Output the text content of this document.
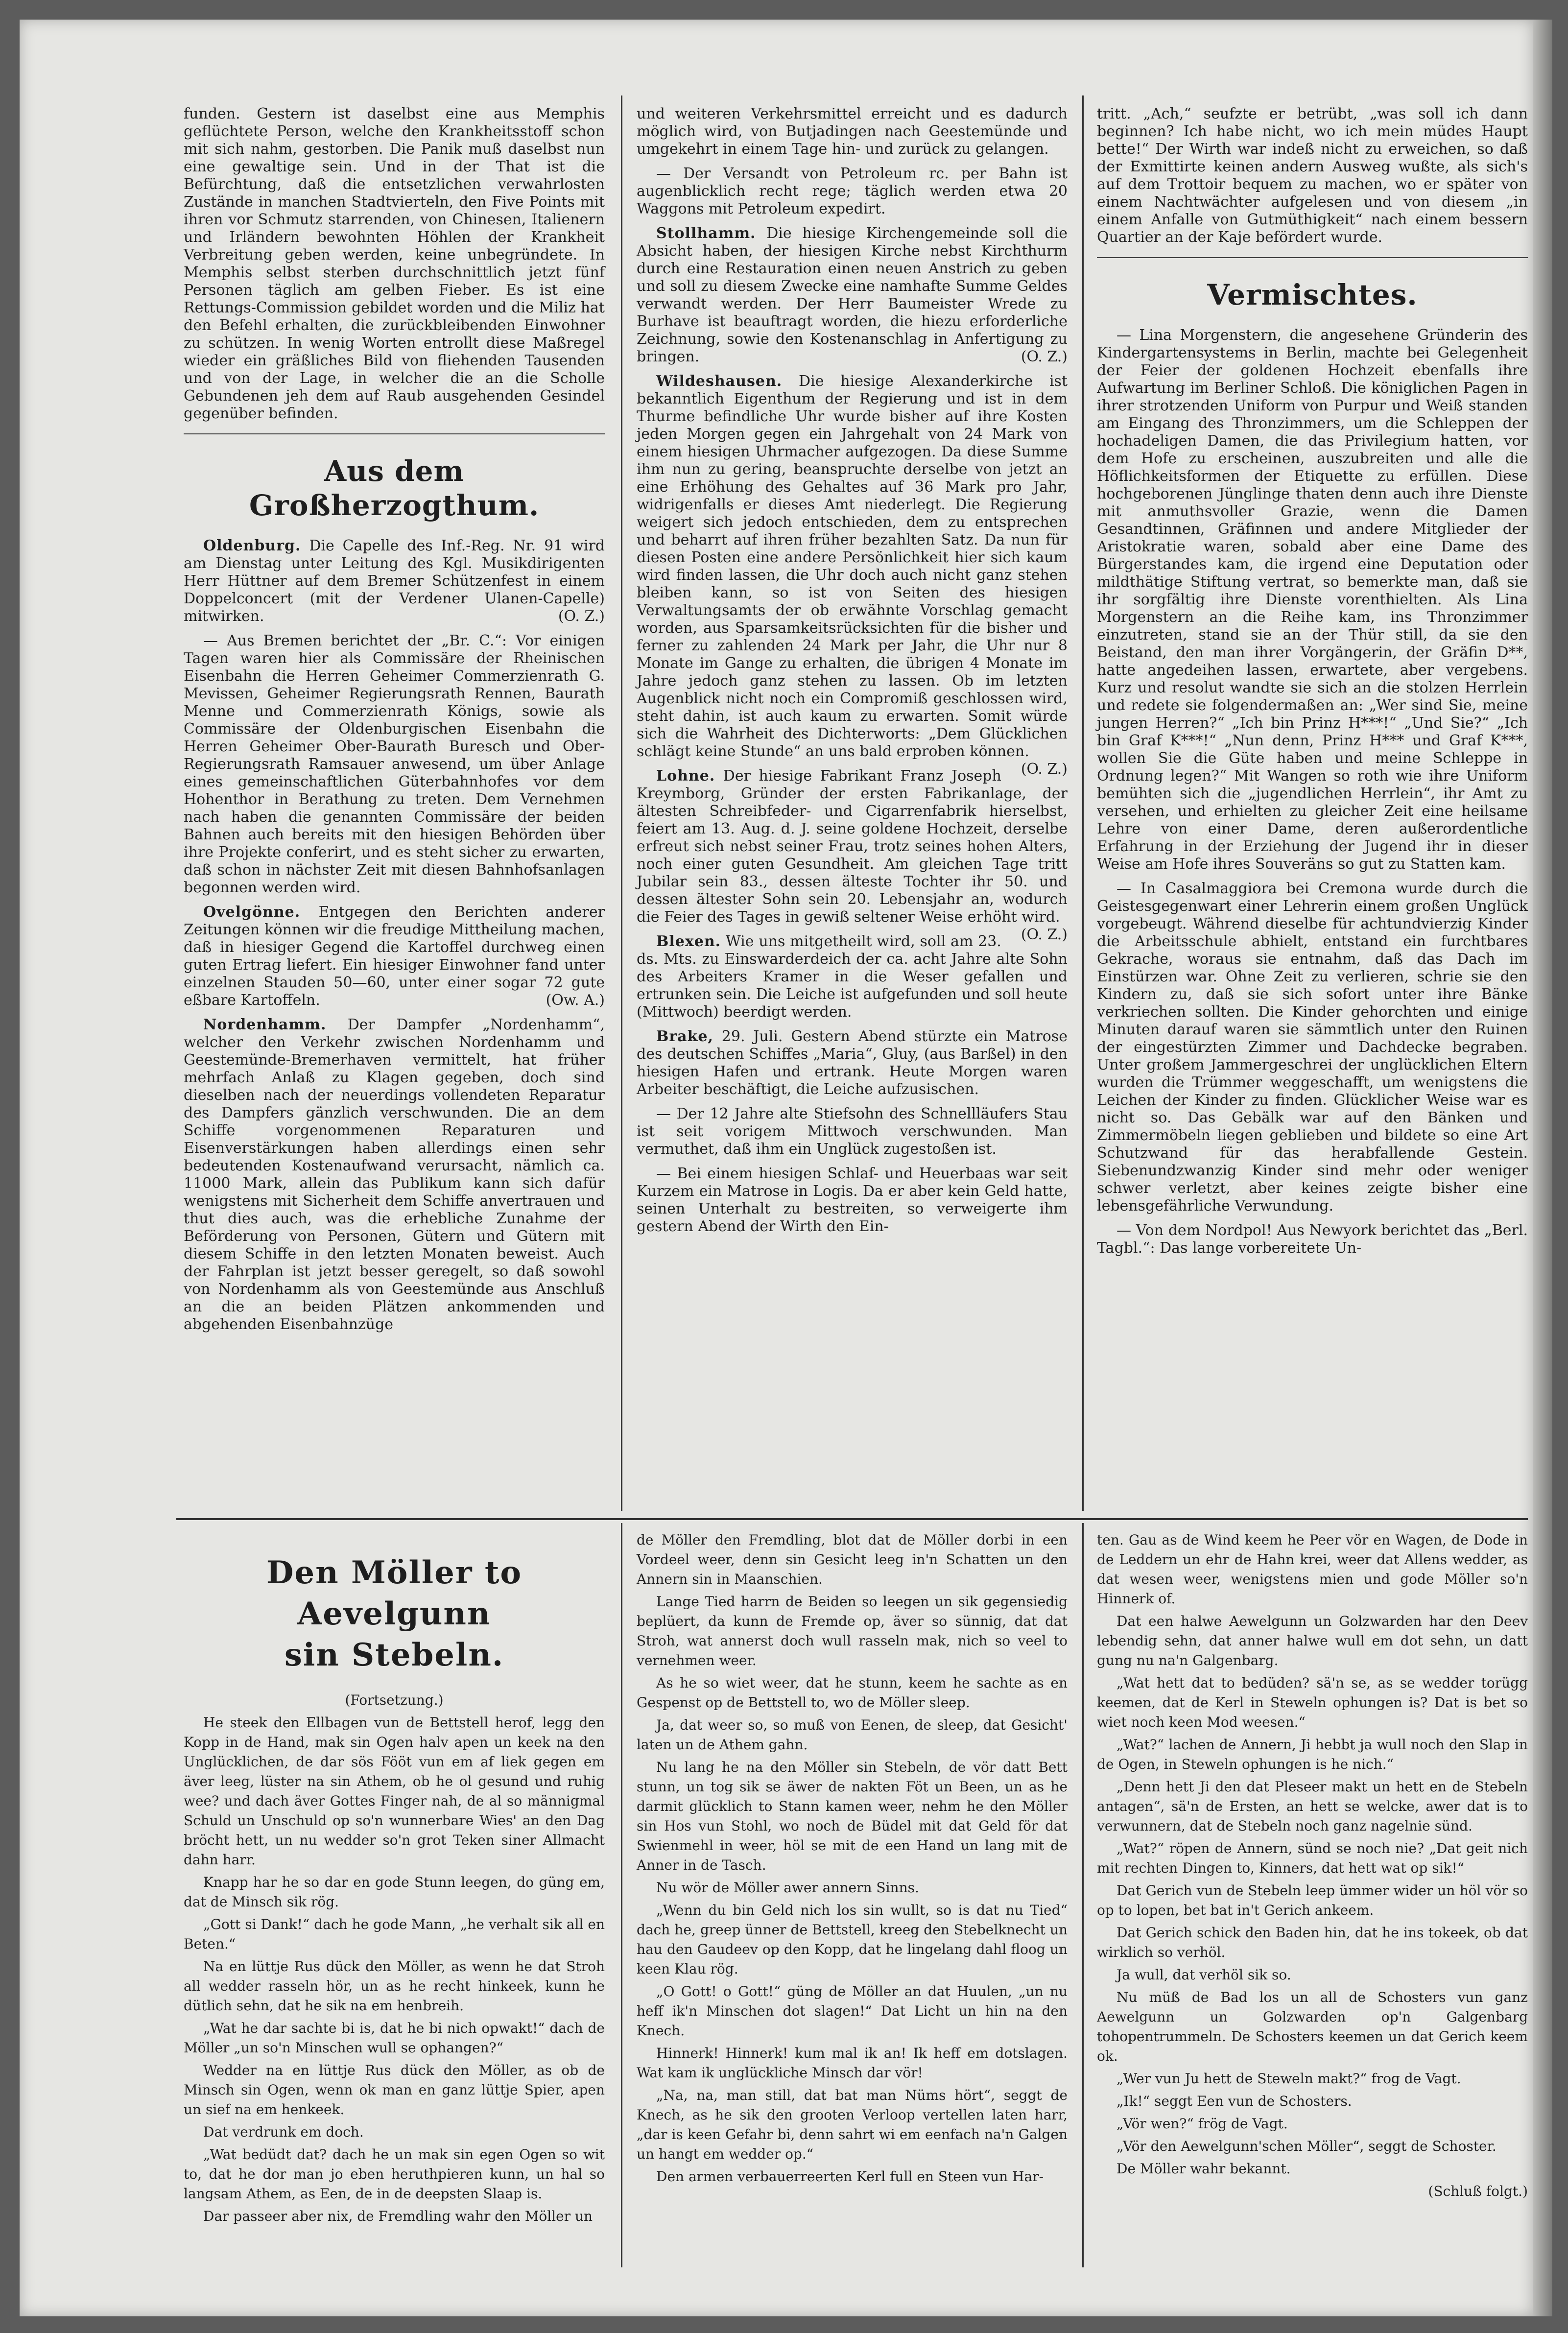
funden. Gestern ist daselbst eine aus Memphis geflüchtete Person, welche den Krankheitsstoff schon mit sich nahm, gestorben. Die Panik muß daselbst nun eine gewaltige sein. Und in der That ist die Befürchtung, daß die entsetzlichen verwahrlosten Zustände in manchen Stadtvierteln, den Five Points mit ihren vor Schmutz starrenden, von Chinesen, Italienern und Irländern bewohnten Höhlen der Krankheit Verbreitung geben werden, keine unbegründete. In Memphis selbst sterben durchschnittlich jetzt fünf Personen täglich am gelben Fieber. Es ist eine Rettungs-Commission gebildet worden und die Miliz hat den Befehl erhalten, die zurückbleibenden Einwohner zu schützen. In wenig Worten entrollt diese Maßregel wieder ein gräßliches Bild von fliehenden Tausenden und von der Lage, in welcher die an die Scholle Gebundenen jeh dem auf Raub ausgehenden Gesindel gegenüber befinden.

Aus dem Großherzogthum.

Oldenburg. Die Capelle des Inf.-Reg. Nr. 91 wird am Dienstag unter Leitung des Kgl. Musikdirigenten Herr Hüttner auf dem Bremer Schützenfest in einem Doppelconcert (mit der Verdener Ulanen-Capelle) mitwirken.	(O. Z.)

— Aus Bremen berichtet der „Br. C.“: Vor einigen Tagen waren hier als Commissäre der Rheinischen Eisenbahn die Herren Geheimer Commerzienrath G. Mevissen, Geheimer Regierungsrath Rennen, Baurath Menne und Commerzienrath Königs, sowie als Commissäre der Oldenburgischen Eisenbahn die Herren Geheimer Ober-Baurath Buresch und Ober-Regierungsrath Ramsauer anwesend, um über Anlage eines gemeinschaftlichen Güterbahnhofes vor dem Hohenthor in Berathung zu treten. Dem Vernehmen nach haben die genannten Commissäre der beiden Bahnen auch bereits mit den hiesigen Behörden über ihre Projekte conferirt, und es steht sicher zu erwarten, daß schon in nächster Zeit mit diesen Bahnhofsanlagen begonnen werden wird.

Ovelgönne. Entgegen den Berichten anderer Zeitungen können wir die freudige Mittheilung machen, daß in hiesiger Gegend die Kartoffel durchweg einen guten Ertrag liefert. Ein hiesiger Einwohner fand unter einzelnen Stauden 50—60, unter einer sogar 72 gute eßbare Kartoffeln.	(Ow. A.)

Nordenhamm. Der Dampfer „Nordenhamm“, welcher den Verkehr zwischen Nordenhamm und Geestemünde-Bremerhaven vermittelt, hat früher mehrfach Anlaß zu Klagen gegeben, doch sind dieselben nach der neuerdings vollendeten Reparatur des Dampfers gänzlich verschwunden. Die an dem Schiffe vorgenommenen Reparaturen und Eisenverstärkungen haben allerdings einen sehr bedeutenden Kostenaufwand verursacht, nämlich ca. 11000 Mark, allein das Publikum kann sich dafür wenigstens mit Sicherheit dem Schiffe anvertrauen und thut dies auch, was die erhebliche Zunahme der Beförderung von Personen, Gütern und Gütern mit diesem Schiffe in den letzten Monaten beweist. Auch der Fahrplan ist jetzt besser geregelt, so daß sowohl von Nordenhamm als von Geestemünde aus Anschluß an die an beiden Plätzen ankommenden und abgehenden Eisenbahnzüge

und weiteren Verkehrsmittel erreicht und es dadurch möglich wird, von Butjadingen nach Geestemünde und umgekehrt in einem Tage hin- und zurück zu gelangen.

— Der Versandt von Petroleum rc. per Bahn ist augenblicklich recht rege; täglich werden etwa 20 Waggons mit Petroleum expedirt.

Stollhamm. Die hiesige Kirchengemeinde soll die Absicht haben, der hiesigen Kirche nebst Kirchthurm durch eine Restauration einen neuen Anstrich zu geben und soll zu diesem Zwecke eine namhafte Summe Geldes verwandt werden. Der Herr Baumeister Wrede zu Burhave ist beauftragt worden, die hiezu erforderliche Zeichnung, sowie den Kostenanschlag in Anfertigung zu bringen.	(O. Z.)

Wildeshausen. Die hiesige Alexanderkirche ist bekanntlich Eigenthum der Regierung und ist in dem Thurme befindliche Uhr wurde bisher auf ihre Kosten jeden Morgen gegen ein Jahrgehalt von 24 Mark von einem hiesigen Uhrmacher aufgezogen. Da diese Summe ihm nun zu gering, beanspruchte derselbe von jetzt an eine Erhöhung des Gehaltes auf 36 Mark pro Jahr, widrigenfalls er dieses Amt niederlegt. Die Regierung weigert sich jedoch entschieden, dem zu entsprechen und beharrt auf ihren früher bezahlten Satz. Da nun für diesen Posten eine andere Persönlichkeit hier sich kaum wird finden lassen, die Uhr doch auch nicht ganz stehen bleiben kann, so ist von Seiten des hiesigen Verwaltungsamts der ob erwähnte Vorschlag gemacht worden, aus Sparsamkeitsrücksichten für die bisher und ferner zu zahlenden 24 Mark per Jahr, die Uhr nur 8 Monate im Gange zu erhalten, die übrigen 4 Monate im Jahre jedoch ganz stehen zu lassen. Ob im letzten Augenblick nicht noch ein Compromiß geschlossen wird, steht dahin, ist auch kaum zu erwarten. Somit würde sich die Wahrheit des Dichterworts: „Dem Glücklichen schlägt keine Stunde“ an uns bald erproben können.
(O. Z.)

Lohne. Der hiesige Fabrikant Franz Joseph Kreymborg, Gründer der ersten Fabrikanlage, der ältesten Schreibfeder- und Cigarrenfabrik hierselbst, feiert am 13. Aug. d. J. seine goldene Hochzeit, derselbe erfreut sich nebst seiner Frau, trotz seines hohen Alters, noch einer guten Gesundheit. Am gleichen Tage tritt Jubilar sein 83., dessen älteste Tochter ihr 50. und dessen ältester Sohn sein 20. Lebensjahr an, wodurch die Feier des Tages in gewiß seltener Weise erhöht wird.
(O. Z.)

Blexen. Wie uns mitgetheilt wird, soll am 23. ds. Mts. zu Einswarderdeich der ca. acht Jahre alte Sohn des Arbeiters Kramer in die Weser gefallen und ertrunken sein. Die Leiche ist aufgefunden und soll heute (Mittwoch) beerdigt werden.

Brake, 29. Juli. Gestern Abend stürzte ein Matrose des deutschen Schiffes „Maria“, Gluy, (aus Barßel) in den hiesigen Hafen und ertrank. Heute Morgen waren Arbeiter beschäftigt, die Leiche aufzusischen.

— Der 12 Jahre alte Stiefsohn des Schnellläufers Stau ist seit vorigem Mittwoch verschwunden. Man vermuthet, daß ihm ein Unglück zugestoßen ist.

— Bei einem hiesigen Schlaf- und Heuerbaas war seit Kurzem ein Matrose in Logis. Da er aber kein Geld hatte, seinen Unterhalt zu bestreiten, so verweigerte ihm gestern Abend der Wirth den Ein-

tritt. „Ach,“ seufzte er betrübt, „was soll ich dann beginnen? Ich habe nicht, wo ich mein müdes Haupt bette!“ Der Wirth war indeß nicht zu erweichen, so daß der Exmittirte keinen andern Ausweg wußte, als sich's auf dem Trottoir bequem zu machen, wo er später von einem Nachtwächter aufgelesen und von diesem „in einem Anfalle von Gutmüthigkeit“ nach einem bessern Quartier an der Kaje befördert wurde.

Vermischtes.

— Lina Morgenstern, die angesehene Gründerin des Kindergartensystems in Berlin, machte bei Gelegenheit der Feier der goldenen Hochzeit ebenfalls ihre Aufwartung im Berliner Schloß. Die königlichen Pagen in ihrer strotzenden Uniform von Purpur und Weiß standen am Eingang des Thronzimmers, um die Schleppen der hochadeligen Damen, die das Privilegium hatten, vor dem Hofe zu erscheinen, auszubreiten und alle die Höflichkeitsformen der Etiquette zu erfüllen. Diese hochgeborenen Jünglinge thaten denn auch ihre Dienste mit anmuthsvoller Grazie, wenn die Damen Gesandtinnen, Gräfinnen und andere Mitglieder der Aristokratie waren, sobald aber eine Dame des Bürgerstandes kam, die irgend eine Deputation oder mildthätige Stiftung vertrat, so bemerkte man, daß sie ihr sorgfältig ihre Dienste vorenthielten. Als Lina Morgenstern an die Reihe kam, ins Thronzimmer einzutreten, stand sie an der Thür still, da sie den Beistand, den man ihrer Vorgängerin, der Gräfin D**, hatte angedeihen lassen, erwartete, aber vergebens. Kurz und resolut wandte sie sich an die stolzen Herrlein und redete sie folgendermaßen an: „Wer sind Sie, meine jungen Herren?“ „Ich bin Prinz H***!“ „Und Sie?“ „Ich bin Graf K***!“ „Nun denn, Prinz H*** und Graf K***, wollen Sie die Güte haben und meine Schleppe in Ordnung legen?“ Mit Wangen so roth wie ihre Uniform bemühten sich die „jugendlichen Herrlein“, ihr Amt zu versehen, und erhielten zu gleicher Zeit eine heilsame Lehre von einer Dame, deren außerordentliche Erfahrung in der Erziehung der Jugend ihr in dieser Weise am Hofe ihres Souveräns so gut zu Statten kam.

— In Casalmaggiora bei Cremona wurde durch die Geistesgegenwart einer Lehrerin einem großen Unglück vorgebeugt. Während dieselbe für achtundvierzig Kinder die Arbeitsschule abhielt, entstand ein furchtbares Gekrache, woraus sie entnahm, daß das Dach im Einstürzen war. Ohne Zeit zu verlieren, schrie sie den Kindern zu, daß sie sich sofort unter ihre Bänke verkriechen sollten. Die Kinder gehorchten und einige Minuten darauf waren sie sämmtlich unter den Ruinen der eingestürzten Zimmer und Dachdecke begraben. Unter großem Jammergeschrei der unglücklichen Eltern wurden die Trümmer weggeschafft, um wenigstens die Leichen der Kinder zu finden. Glücklicher Weise war es nicht so. Das Gebälk war auf den Bänken und Zimmermöbeln liegen geblieben und bildete so eine Art Schutzwand für das herabfallende Gestein. Siebenundzwanzig Kinder sind mehr oder weniger schwer verletzt, aber keines zeigte bisher eine lebensgefährliche Verwundung.

— Von dem Nordpol! Aus Newyork berichtet das „Berl. Tagbl.“: Das lange vorbereitete Un-

Den Möller to Aevelgunn
sin Stebeln.

(Fortsetzung.)

He steek den Ellbagen vun de Bettstell herof, legg den Kopp in de Hand, mak sin Ogen halv apen un keek na den Unglücklichen, de dar sös Fööt vun em af liek gegen em äver leeg, lüster na sin Athem, ob he ol gesund und ruhig wee? und dach äver Gottes Finger nah, de al so männigmal Schuld un Unschuld op so'n wunnerbare Wies' an den Dag bröcht hett, un nu wedder so'n grot Teken siner Allmacht dahn harr.

Knapp har he so dar en gode Stunn leegen, do güng em, dat de Minsch sik rög.

„Gott si Dank!“ dach he gode Mann, „he verhalt sik all en Beten.“

Na en lüttje Rus dück den Möller, as wenn he dat Stroh all wedder rasseln hör, un as he recht hinkeek, kunn he dütlich sehn, dat he sik na em henbreih.

„Wat he dar sachte bi is, dat he bi nich opwakt!“ dach de Möller „un so'n Minschen wull se ophangen?“

Wedder na en lüttje Rus dück den Möller, as ob de Minsch sin Ogen, wenn ok man en ganz lüttje Spier, apen un sief na em henkeek.

Dat verdrunk em doch.

„Wat bedüdt dat? dach he un mak sin egen Ogen so wit to, dat he dor man jo eben heruthpieren kunn, un hal so langsam Athem, as Een, de in de deepsten Slaap is.

Dar passeer aber nix, de Fremdling wahr den Möller un

de Möller den Fremdling, blot dat de Möller dorbi in een Vordeel weer, denn sin Gesicht leeg in'n Schatten un den Annern sin in Maanschien.

Lange Tied harrn de Beiden so leegen un sik gegensiedig beplüert, da kunn de Fremde op, äver so sünnig, dat dat Stroh, wat annerst doch wull rasseln mak, nich so veel to vernehmen weer.

As he so wiet weer, dat he stunn, keem he sachte as en Gespenst op de Bettstell to, wo de Möller sleep.

Ja, dat weer so, so muß von Eenen, de sleep, dat Gesicht' laten un de Athem gahn.

Nu lang he na den Möller sin Stebeln, de vör datt Bett stunn, un tog sik se äwer de nakten Föt un Been, un as he darmit glücklich to Stann kamen weer, nehm he den Möller sin Hos vun Stohl, wo noch de Büdel mit dat Geld för dat Swienmehl in weer, höl se mit de een Hand un lang mit de Anner in de Tasch.

Nu wör de Möller awer annern Sinns.

„Wenn du bin Geld nich los sin wullt, so is dat nu Tied“ dach he, greep ünner de Bettstell, kreeg den Stebelknecht un hau den Gaudeev op den Kopp, dat he lingelang dahl floog un keen Klau rög.

„O Gott! o Gott!“ güng de Möller an dat Huulen, „un nu heff ik'n Minschen dot slagen!“ Dat Licht un hin na den Knech.

Hinnerk! Hinnerk! kum mal ik an! Ik heff em dotslagen. Wat kam ik unglückliche Minsch dar vör!

„Na, na, man still, dat bat man Nüms hört“, seggt de Knech, as he sik den grooten Verloop vertellen laten harr, „dar is keen Gefahr bi, denn sahrt wi em eenfach na'n Galgen un hangt em wedder op.“

Den armen verbauerreerten Kerl full en Steen vun Har-

ten. Gau as de Wind keem he Peer vör en Wagen, de Dode in de Leddern un ehr de Hahn krei, weer dat Allens wedder, as dat wesen weer, wenigstens mien und gode Möller so'n Hinnerk of.

Dat een halwe Aewelgunn un Golzwarden har den Deev lebendig sehn, dat anner halwe wull em dot sehn, un datt gung nu na'n Galgenbarg.

„Wat hett dat to bedüden? sä'n se, as se wedder torügg keemen, dat de Kerl in Steweln ophungen is? Dat is bet so wiet noch keen Mod weesen.“

„Wat?“ lachen de Annern, Ji hebbt ja wull noch den Slap in de Ogen, in Steweln ophungen is he nich.“

„Denn hett Ji den dat Pleseer makt un hett en de Stebeln antagen“, sä'n de Ersten, an hett se welcke, awer dat is to verwunnern, dat de Stebeln noch ganz nagelnie sünd.

„Wat?“ röpen de Annern, sünd se noch nie? „Dat geit nich mit rechten Dingen to, Kinners, dat hett wat op sik!“

Dat Gerich vun de Stebeln leep ümmer wider un höl vör so op to lopen, bet bat in't Gerich ankeem.

Dat Gerich schick den Baden hin, dat he ins tokeek, ob dat wirklich so verhöl.

Ja wull, dat verhöl sik so.

Nu müß de Bad los un all de Schosters vun ganz Aewelgunn un Golzwarden op'n Galgenbarg tohopentrummeln. De Schosters keemen un dat Gerich keem ok.

„Wer vun Ju hett de Steweln makt?“ frog de Vagt.

„Ik!“ seggt Een vun de Schosters.

„Vör wen?“ frög de Vagt.

„Vör den Aewelgunn'schen Möller“, seggt de Schoster.

De Möller wahr bekannt.

(Schluß folgt.)
